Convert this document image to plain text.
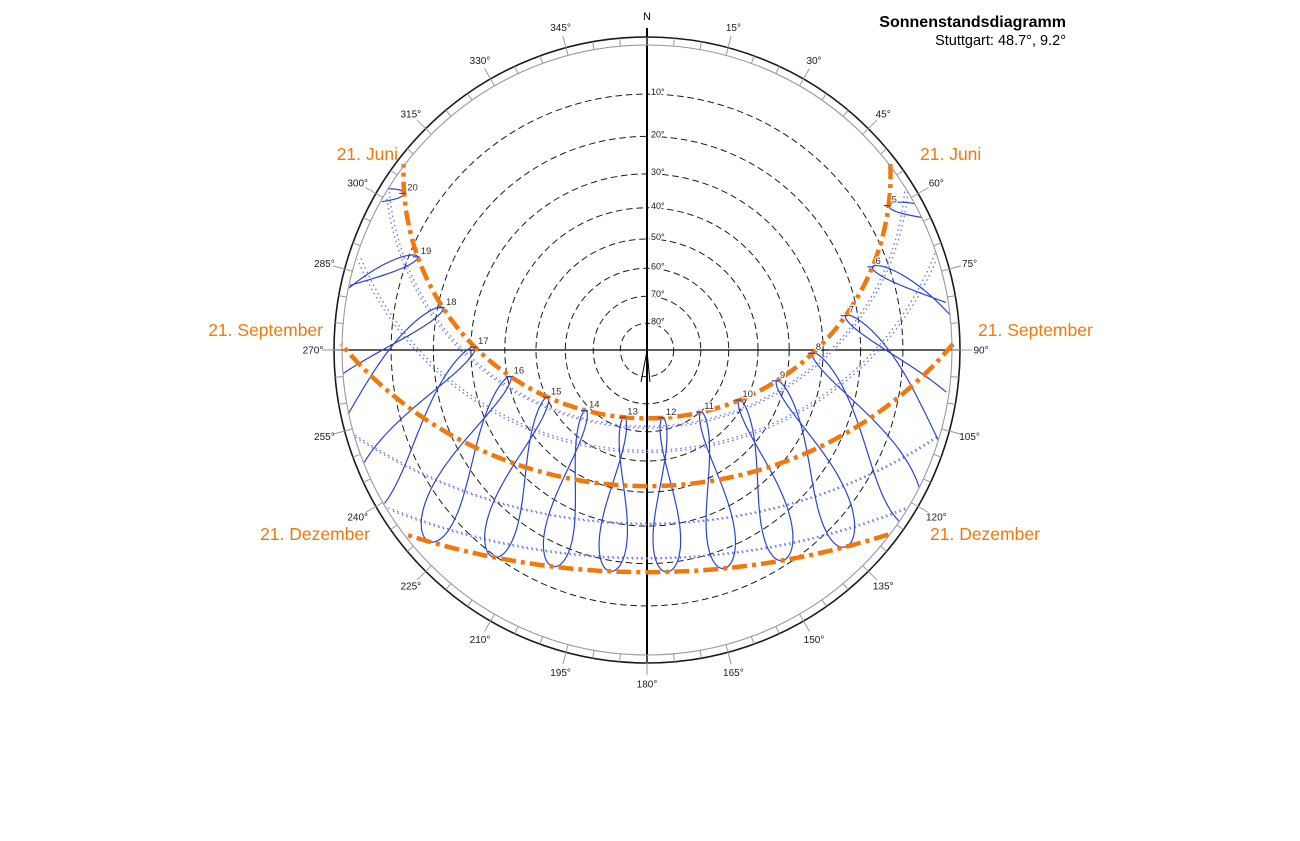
Sonnenstandsdiagramm
Stuttgart: 48.7°, 9.2°
5
6
7
8
9
10
11
12
13
14
15
16
17
18
19
20
15°
30°
45°
60°
75°
90°
105°
120°
135°
150°
165°
180°
195°
210°
225°
240°
255°
270°
285°
300°
315°
330°
345°
10°
20°
30°
40°
50°
60°
70°
80°
N
21. Juni	21. Juni
21. September	21. September
21. Dezember	21. Dezember
